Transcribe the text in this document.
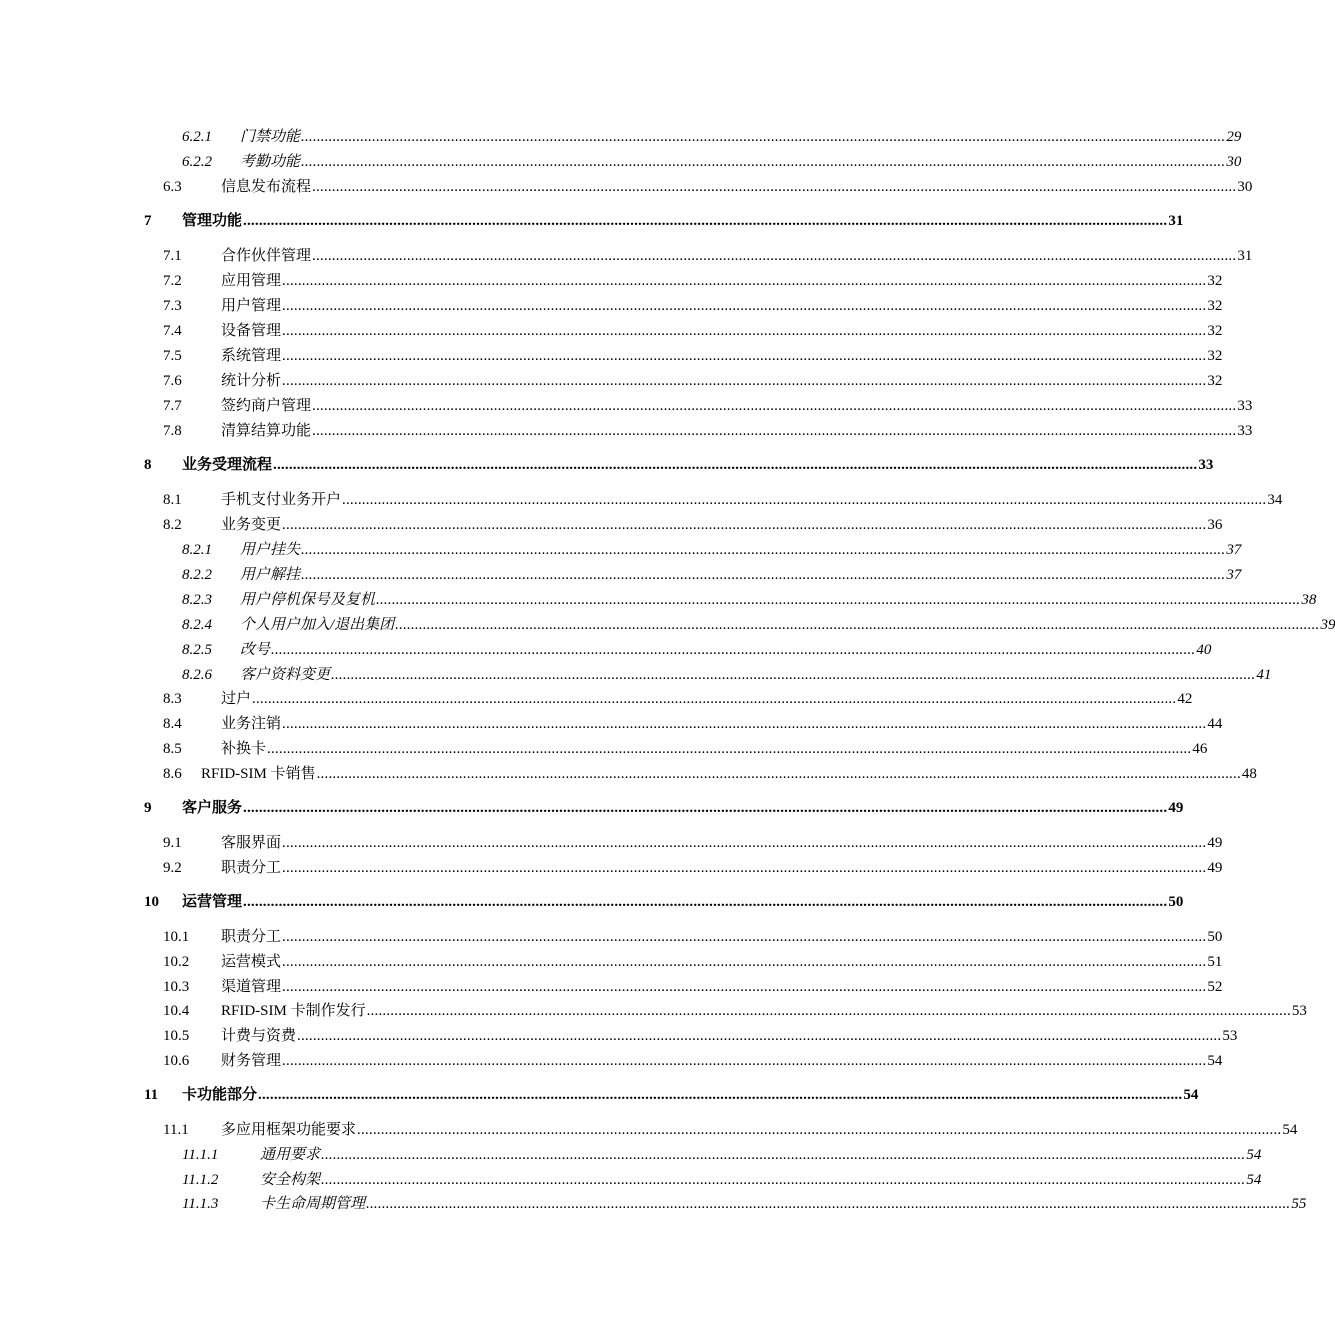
6.2.1	门禁功能 .......................................................................................................................................................................................................................................... 29
6.2.2	考勤功能 .......................................................................................................................................................................................................................................... 30
6.3	信息发布流程 .......................................................................................................................................................................................................................................... 30
7	管理功能 .......................................................................................................................................................................................................................................... 31
7.1	合作伙伴管理 .......................................................................................................................................................................................................................................... 31
7.2	应用管理 .......................................................................................................................................................................................................................................... 32
7.3	用户管理 .......................................................................................................................................................................................................................................... 32
7.4	设备管理 .......................................................................................................................................................................................................................................... 32
7.5	系统管理 .......................................................................................................................................................................................................................................... 32
7.6	统计分析 .......................................................................................................................................................................................................................................... 32
7.7	签约商户管理 .......................................................................................................................................................................................................................................... 33
7.8	清算结算功能 .......................................................................................................................................................................................................................................... 33
8	业务受理流程 .......................................................................................................................................................................................................................................... 33
8.1	手机支付业务开户 .......................................................................................................................................................................................................................................... 34
8.2	业务变更 .......................................................................................................................................................................................................................................... 36
8.2.1	用户挂失 .......................................................................................................................................................................................................................................... 37
8.2.2	用户解挂 .......................................................................................................................................................................................................................................... 37
8.2.3	用户停机保号及复机 .......................................................................................................................................................................................................................................... 38
8.2.4	个人用户加入/退出集团 .......................................................................................................................................................................................................................................... 39
8.2.5	改号 .......................................................................................................................................................................................................................................... 40
8.2.6	客户资料变更 .......................................................................................................................................................................................................................................... 41
8.3	过户 .......................................................................................................................................................................................................................................... 42
8.4	业务注销 .......................................................................................................................................................................................................................................... 44
8.5	补换卡 .......................................................................................................................................................................................................................................... 46
8.6	RFID-SIM 卡销售 .......................................................................................................................................................................................................................................... 48
9	客户服务 .......................................................................................................................................................................................................................................... 49
9.1	客服界面 .......................................................................................................................................................................................................................................... 49
9.2	职责分工 .......................................................................................................................................................................................................................................... 49
10	运营管理 .......................................................................................................................................................................................................................................... 50
10.1	职责分工 .......................................................................................................................................................................................................................................... 50
10.2	运营模式 .......................................................................................................................................................................................................................................... 51
10.3	渠道管理 .......................................................................................................................................................................................................................................... 52
10.4	RFID-SIM 卡制作发行 .......................................................................................................................................................................................................................................... 53
10.5	计费与资费 .......................................................................................................................................................................................................................................... 53
10.6	财务管理 .......................................................................................................................................................................................................................................... 54
11	卡功能部分 .......................................................................................................................................................................................................................................... 54
11.1	多应用框架功能要求 .......................................................................................................................................................................................................................................... 54
11.1.1	通用要求 .......................................................................................................................................................................................................................................... 54
11.1.2	安全构架 .......................................................................................................................................................................................................................................... 54
11.1.3	卡生命周期管理 .......................................................................................................................................................................................................................................... 55
